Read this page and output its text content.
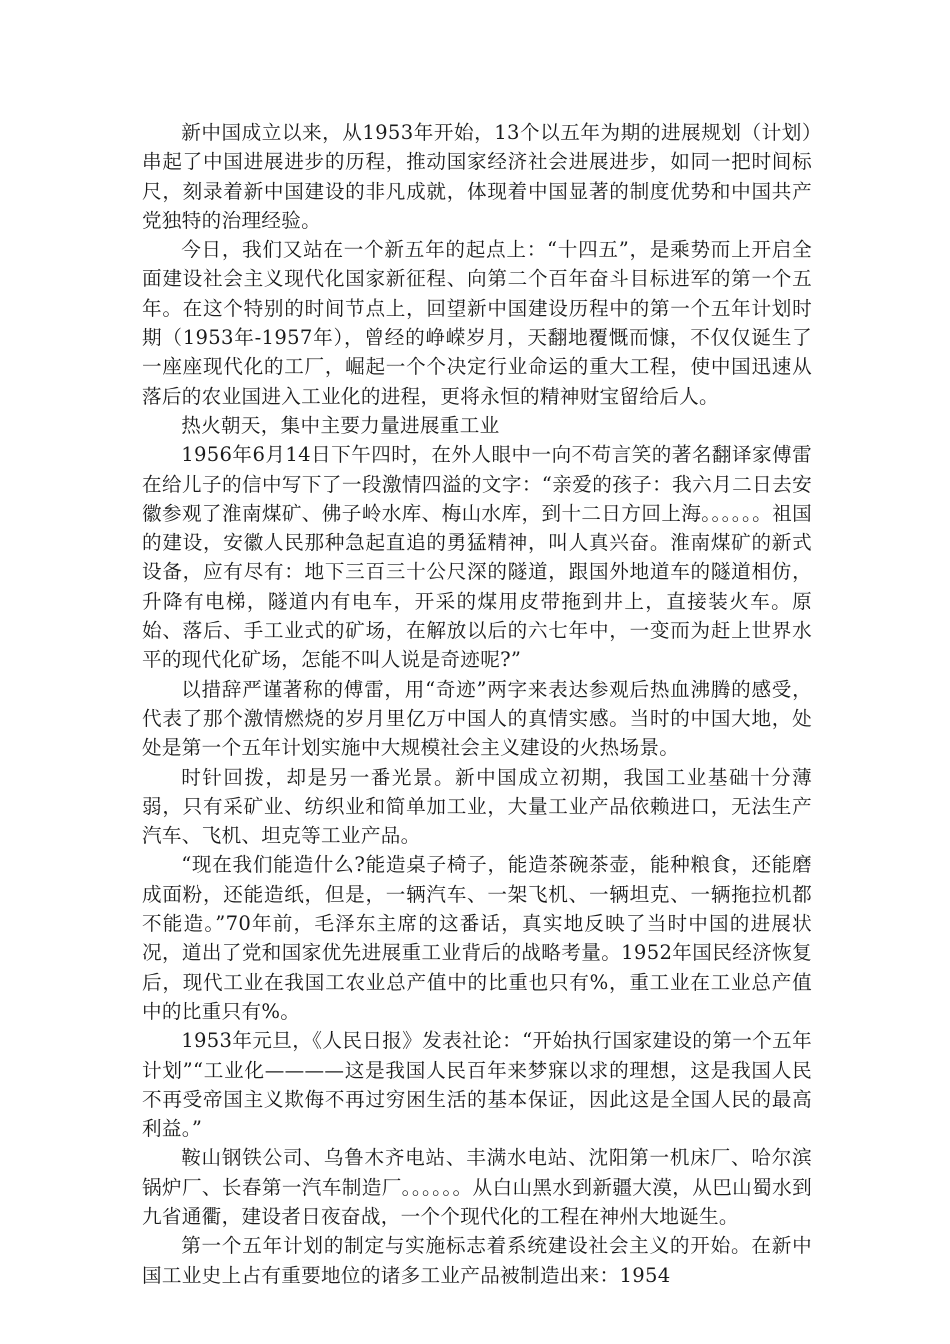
新中国成立以来，从1953年开始，13个以五年为期的进展规划（计划）串起了中国进展进步的历程，推动国家经济社会进展进步，如同一把时间标尺，刻录着新中国建设的非凡成就，体现着中国显著的制度优势和中国共产党独特的治理经验。

今日，我们又站在一个新五年的起点上：“十四五”，是乘势而上开启全面建设社会主义现代化国家新征程、向第二个百年奋斗目标进军的第一个五年。在这个特别的时间节点上，回望新中国建设历程中的第一个五年计划时期（1953年-1957年），曾经的峥嵘岁月，天翻地覆慨而慷，不仅仅诞生了一座座现代化的工厂，崛起一个个决定行业命运的重大工程，使中国迅速从落后的农业国进入工业化的进程，更将永恒的精神财宝留给后人。

热火朝天，集中主要力量进展重工业

1956年6月14日下午四时，在外人眼中一向不苟言笑的著名翻译家傅雷在给儿子的信中写下了一段激情四溢的文字：“亲爱的孩子：我六月二日去安徽参观了淮南煤矿、佛子岭水库、梅山水库，到十二日方回上海。。。。。。祖国的建设，安徽人民那种急起直追的勇猛精神，叫人真兴奋。淮南煤矿的新式设备，应有尽有：地下三百三十公尺深的隧道，跟国外地道车的隧道相仿，升降有电梯，隧道内有电车，开采的煤用皮带拖到井上，直接装火车。原始、落后、手工业式的矿场，在解放以后的六七年中，一变而为赶上世界水平的现代化矿场，怎能不叫人说是奇迹呢?”

以措辞严谨著称的傅雷，用“奇迹”两字来表达参观后热血沸腾的感受，代表了那个激情燃烧的岁月里亿万中国人的真情实感。当时的中国大地，处处是第一个五年计划实施中大规模社会主义建设的火热场景。

时针回拨，却是另一番光景。新中国成立初期，我国工业基础十分薄弱，只有采矿业、纺织业和简单加工业，大量工业产品依赖进口，无法生产汽车、飞机、坦克等工业产品。

“现在我们能造什么?能造桌子椅子，能造茶碗茶壶，能种粮食，还能磨成面粉，还能造纸，但是，一辆汽车、一架飞机、一辆坦克、一辆拖拉机都不能造。”70年前，毛泽东主席的这番话，真实地反映了当时中国的进展状况，道出了党和国家优先进展重工业背后的战略考量。1952年国民经济恢复后，现代工业在我国工农业总产值中的比重也只有%，重工业在工业总产值中的比重只有%。

1953年元旦，《人民日报》发表社论：“开始执行国家建设的第一个五年计划”“工业化————这是我国人民百年来梦寐以求的理想，这是我国人民不再受帝国主义欺侮不再过穷困生活的基本保证，因此这是全国人民的最高利益。”

鞍山钢铁公司、乌鲁木齐电站、丰满水电站、沈阳第一机床厂、哈尔滨锅炉厂、长春第一汽车制造厂。。。。。。从白山黑水到新疆大漠，从巴山蜀水到九省通衢，建设者日夜奋战，一个个现代化的工程在神州大地诞生。

第一个五年计划的制定与实施标志着系统建设社会主义的开始。在新中国工业史上占有重要地位的诸多工业产品被制造出来：1954
